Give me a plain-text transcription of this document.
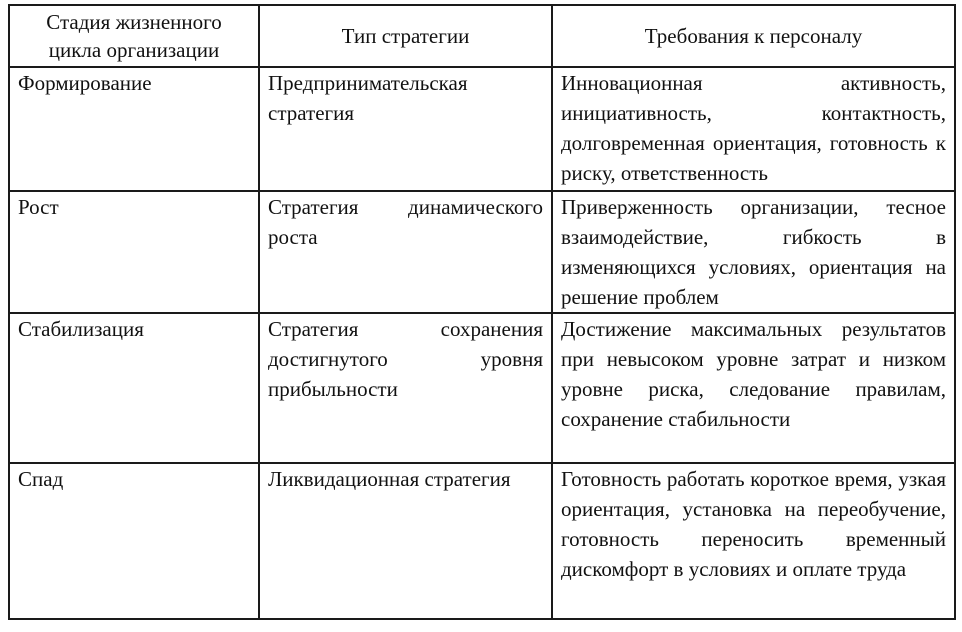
Стадия жизненного цикла организации	Тип стратегии	Требования к персоналу
Формирование	Предпринимательская стратегия	Инновационная активность, инициативность, контактность, долговременная ориентация, готовность к риску, ответственность
Рост	Стратегия динамического роста	Приверженность организации, тесное взаимодействие, гибкость в изменяющихся условиях, ориентация на решение проблем
Стабилизация	Стратегия сохранения достигнутого уровня прибыльности	Достижение максимальных результатов при невысоком уровне затрат и низком уровне риска, следование правилам, сохранение стабильности
Спад	Ликвидационная стратегия	Готовность работать короткое время, узкая ориентация, установка на переобучение, готовность переносить временный дискомфорт в условиях и оплате труда
